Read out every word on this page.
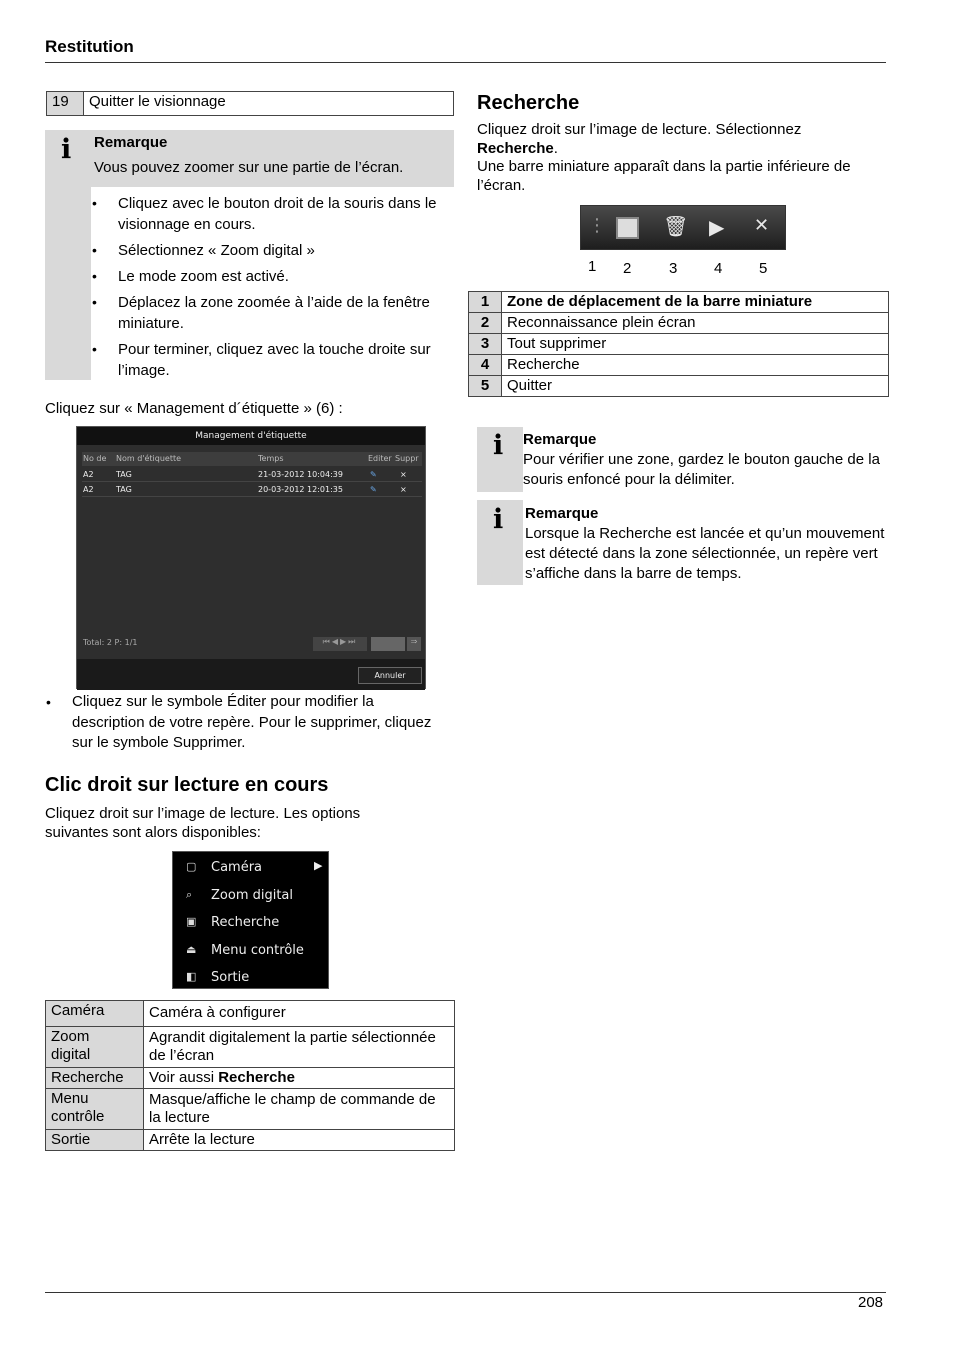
Restitution
208
19	Quitter le visionnage
i Remarque
Vous pouvez zoomer sur une partie de l’écran.
• Cliquez avec le bouton droit de la souris dans le visionnage en cours.
• Sélectionnez « Zoom digital »
• Le mode zoom est activé.
• Déplacez la zone zoomée à l’aide de la fenêtre miniature.
• Pour terminer, cliquez avec la touche droite sur l’image.
Cliquez sur « Management d´étiquette » (6) :
Management d'étiquette
No de Nom d'étiquette	Temps	Editer Suppr
A2	TAG	21-03-2012 10:04:39	✎	×
A2	TAG	20-03-2012 12:01:35	✎	×
Total: 2 P: 1/1	⏮◀▶⏭	⇒
Annuler
• Cliquez sur le symbole Éditer pour modifier la description de votre repère. Pour le supprimer, cliquez sur le symbole Supprimer.
Clic droit sur lecture en cours
Cliquez droit sur l’image de lecture. Les options suivantes sont alors disponibles:
▢ Caméra	▶
⌕ Zoom digital
▣ Recherche
⏏ Menu contrôle
◧ Sortie
Caméra	Caméra à configurer

Zoom digital	Agrandit digitalement la partie sélectionnée de l’écran
Recherche	Voir aussi Recherche

Menu contrôle	Masque/affiche le champ de commande de la lecture
Sortie	Arrête la lecture
Recherche
Cliquez droit sur l’image de lecture. Sélectionnez Recherche.
Une barre miniature apparaît dans la partie inférieure de l’écran.
⋮	🗑 ▶ ✕
1 2	3 4 5
1	Zone de déplacement de la barre miniature
2	Reconnaissance plein écran
3	Tout supprimer
4	Recherche
5	Quitter
i Remarque
Pour vérifier une zone, gardez le bouton gauche de la souris enfoncé pour la délimiter.
i Remarque
Lorsque la Recherche est lancée et qu’un mouvement est détecté dans la zone sélectionnée, un repère vert s’affiche dans la barre de temps.
